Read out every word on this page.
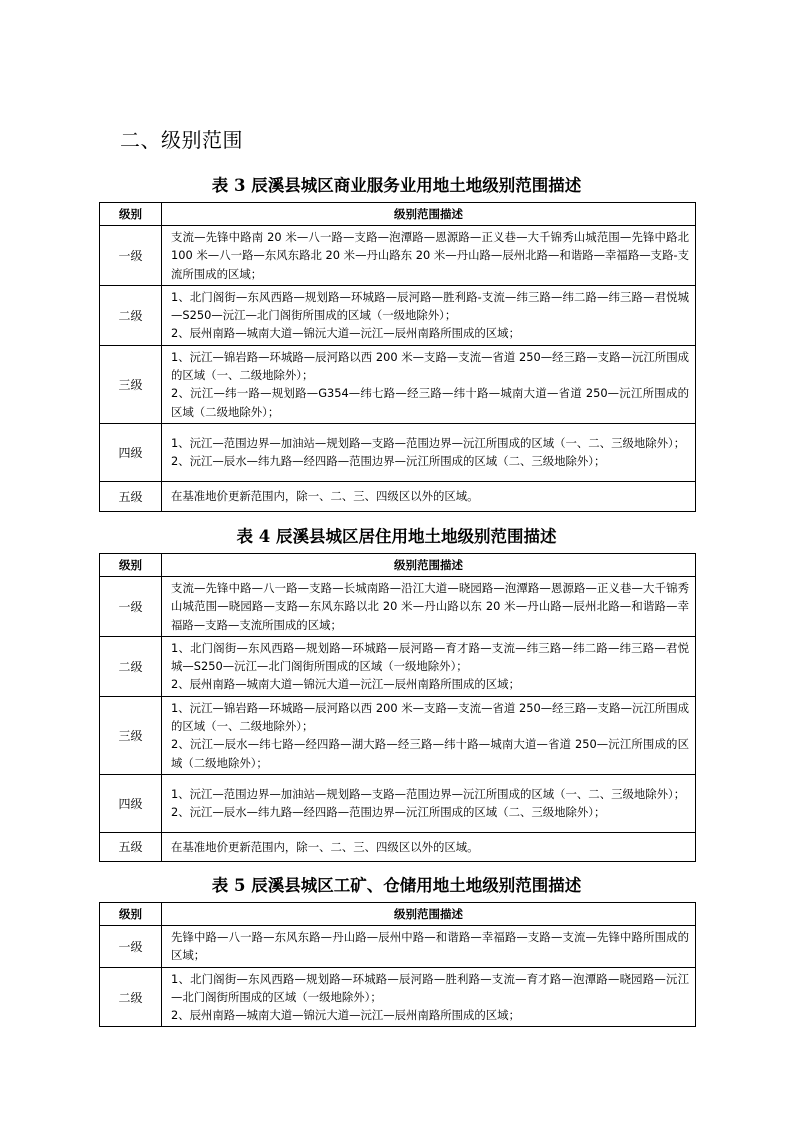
二、级别范围
表 3 辰溪县城区商业服务业用地土地级别范围描述
级别	级别范围描述
一级	支流—先锋中路南 20 米—八一路—支路—泡潭路—恩源路—正义巷—大千锦秀山城范围—先锋中路北 100 米—八一路—东风东路北 20 米—丹山路东 20 米—丹山路—辰州北路—和谐路—幸福路—支路-支流所围成的区域；

二级	1、北门阁街—东风西路—规划路—环城路—辰河路—胜利路-支流—纬三路—纬二路—纬三路—君悦城—S250—沅江—北门阁街所围成的区域（一级地除外）；
2、辰州南路—城南大道—锦沅大道—沅江—辰州南路所围成的区域；

三级	1、沅江—锦岩路—环城路—辰河路以西 200 米—支路—支流—省道 250—经三路—支路—沅江所围成的区域（一、二级地除外）；
2、沅江—纬一路—规划路—G354—纬七路—经三路—纬十路—城南大道—省道 250—沅江所围成的区域（二级地除外）；

四级	1、沅江—范围边界—加油站—规划路—支路—范围边界—沅江所围成的区域（一、二、三级地除外）；
2、沅江—辰水—纬九路—经四路—范围边界—沅江所围成的区域（二、三级地除外）；

五级	在基准地价更新范围内，除一、二、三、四级区以外的区域。
表 4 辰溪县城区居住用地土地级别范围描述
级别	级别范围描述
一级	支流—先锋中路—八一路—支路—长城南路—沿江大道—晓园路—泡潭路—恩源路—正义巷—大千锦秀山城范围—晓园路—支路—东风东路以北 20 米—丹山路以东 20 米—丹山路—辰州北路—和谐路—幸福路—支路—支流所围成的区域；

二级	1、北门阁街—东风西路—规划路—环城路—辰河路—育才路—支流—纬三路—纬二路—纬三路—君悦城—S250—沅江—北门阁街所围成的区域（一级地除外）；
2、辰州南路—城南大道—锦沅大道—沅江—辰州南路所围成的区域；

三级	1、沅江—锦岩路—环城路—辰河路以西 200 米—支路—支流—省道 250—经三路—支路—沅江所围成的区域（一、二级地除外）；
2、沅江—辰水—纬七路—经四路—湖大路—经三路—纬十路—城南大道—省道 250—沅江所围成的区域（二级地除外）；

四级	1、沅江—范围边界—加油站—规划路—支路—范围边界—沅江所围成的区域（一、二、三级地除外）；
2、沅江—辰水—纬九路—经四路—范围边界—沅江所围成的区域（二、三级地除外）；

五级	在基准地价更新范围内，除一、二、三、四级区以外的区域。
表 5 辰溪县城区工矿、仓储用地土地级别范围描述
级别	级别范围描述
一级	先锋中路—八一路—东风东路—丹山路—辰州中路—和谐路—幸福路—支路—支流—先锋中路所围成的区域；

二级	1、北门阁街—东风西路—规划路—环城路—辰河路—胜利路—支流—育才路—泡潭路—晓园路—沅江—北门阁街所围成的区域（一级地除外）；
2、辰州南路—城南大道—锦沅大道—沅江—辰州南路所围成的区域；
